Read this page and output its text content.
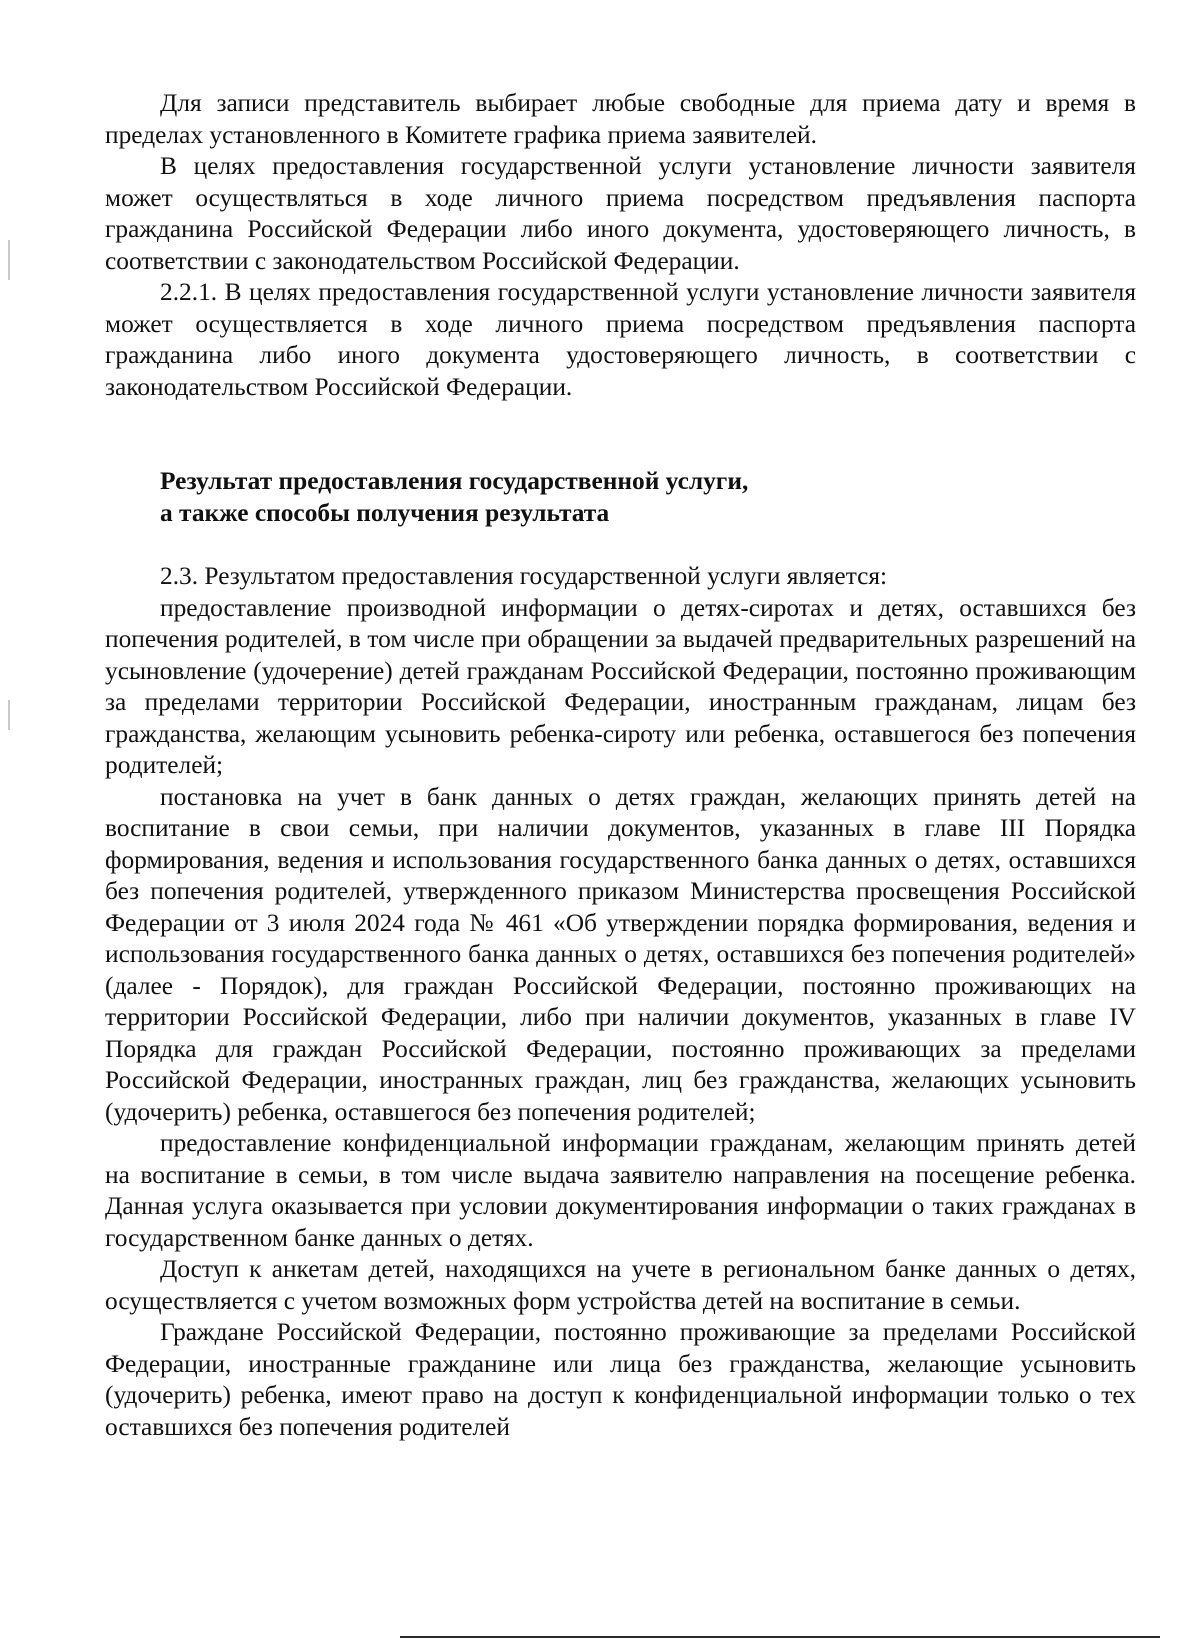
Для записи представитель выбирает любые свободные для приема дату и время в пределах установленного в Комитете графика приема заявителей.

В целях предоставления государственной услуги установление личности заявителя может осуществляться в ходе личного приема посредством предъявления паспорта гражданина Российской Федерации либо иного документа, удостоверяющего личность, в соответствии с законодательством Российской Федерации.

2.2.1. В целях предоставления государственной услуги установление личности заявителя может осуществляется в ходе личного приема посредством предъявления паспорта гражданина либо иного документа удостоверяющего личность, в соответствии с законодательством Российской Федерации.

Результат предоставления государственной услуги,
а также способы получения результата

2.3. Результатом предоставления государственной услуги является:

предоставление производной информации о детях-сиротах и детях, оставшихся без попечения родителей, в том числе при обращении за выдачей предварительных разрешений на усыновление (удочерение) детей гражданам Российской Федерации, постоянно проживающим за пределами территории Российской Федерации, иностранным гражданам, лицам без гражданства, желающим усыновить ребенка-сироту или ребенка, оставшегося без попечения родителей;

постановка на учет в банк данных о детях граждан, желающих принять детей на воспитание в свои семьи, при наличии документов, указанных в главе III Порядка формирования, ведения и использования государственного банка данных о детях, оставшихся без попечения родителей, утвержденного приказом Министерства просвещения Российской Федерации от 3 июля 2024 года № 461 «Об утверждении порядка формирования, ведения и использования государственного банка данных о детях, оставшихся без попечения родителей» (далее - Порядок), для граждан Российской Федерации, постоянно проживающих на территории Российской Федерации, либо при наличии документов, указанных в главе IV Порядка для граждан Российской Федерации, постоянно проживающих за пределами Российской Федерации, иностранных граждан, лиц без гражданства, желающих усыновить (удочерить) ребенка, оставшегося без попечения родителей;

предоставление конфиденциальной информации гражданам, желающим принять детей на воспитание в семьи, в том числе выдача заявителю направления на посещение ребенка. Данная услуга оказывается при условии документирования информации о таких гражданах в государственном банке данных о детях.

Доступ к анкетам детей, находящихся на учете в региональном банке данных о детях, осуществляется с учетом возможных форм устройства детей на воспитание в семьи.

Граждане Российской Федерации, постоянно проживающие за пределами Российской Федерации, иностранные гражданине или лица без гражданства, желающие усыновить (удочерить) ребенка, имеют право на доступ к конфиденциальной информации только о тех оставшихся без попечения родителей
